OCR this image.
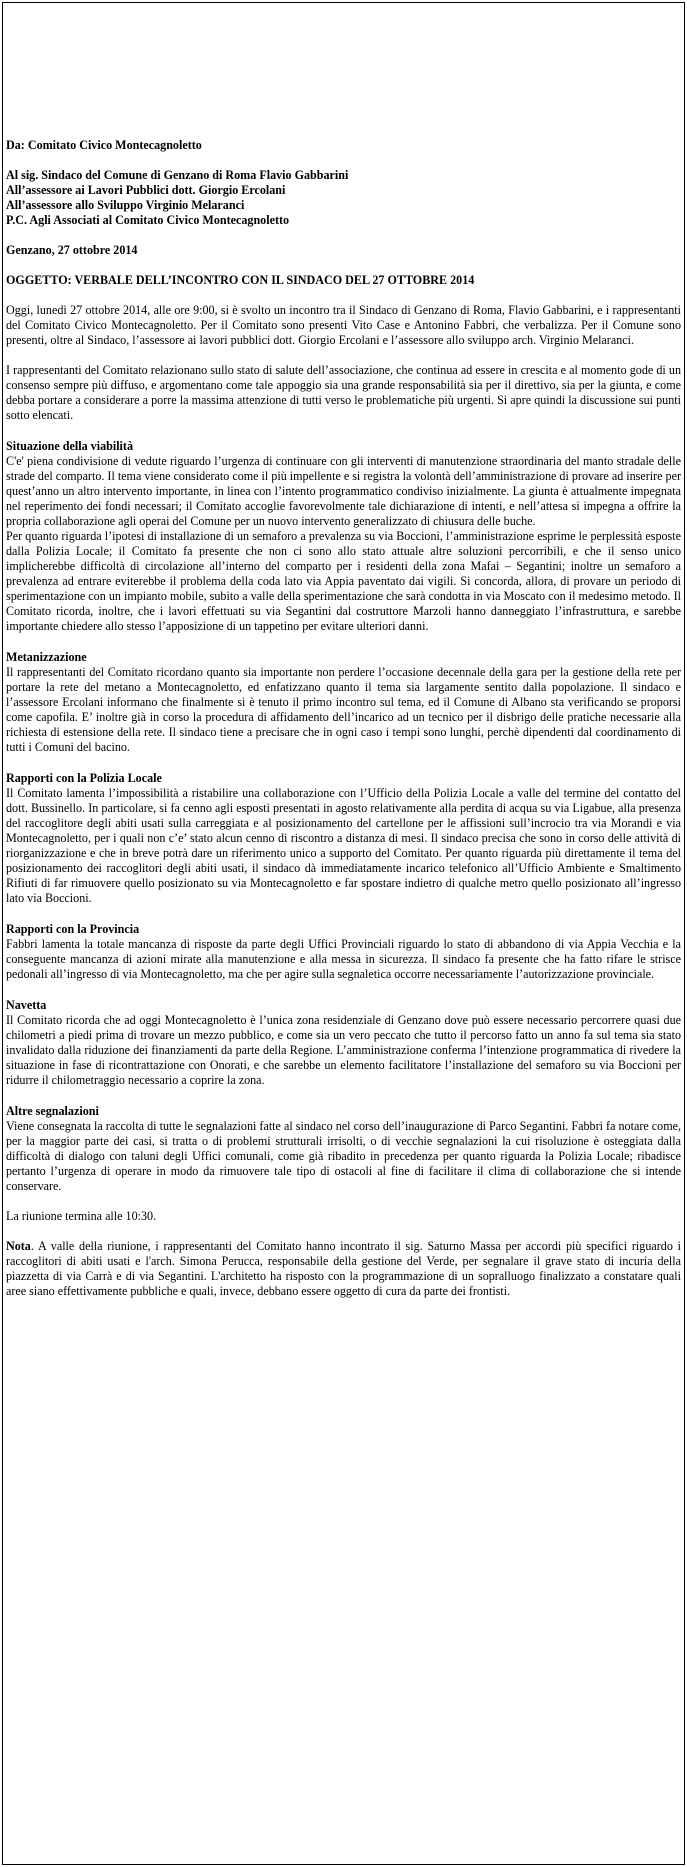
Da: Comitato Civico Montecagnoletto

Al sig. Sindaco del Comune di Genzano di Roma Flavio Gabbarini

All’assessore ai Lavori Pubblici dott. Giorgio Ercolani

All’assessore allo Sviluppo Virginio Melaranci

P.C. Agli Associati al Comitato Civico Montecagnoletto

Genzano, 27 ottobre 2014

OGGETTO: VERBALE DELL’INCONTRO CON IL SINDACO DEL 27 OTTOBRE 2014

Oggi, lunedì 27 ottobre 2014, alle ore 9:00, si è svolto un incontro tra il Sindaco di Genzano di Roma, Flavio Gabbarini, e i rappresentanti del Comitato Civico Montecagnoletto. Per il Comitato sono presenti Vito Case e Antonino Fabbri, che verbalizza. Per il Comune sono presenti, oltre al Sindaco, l’assessore ai lavori pubblici dott. Giorgio Ercolani e l’assessore allo sviluppo arch. Virginio Melaranci.

I rappresentanti del Comitato relazionano sullo stato di salute dell’associazione, che continua ad essere in crescita e al momento gode di un consenso sempre più diffuso, e argomentano come tale appoggio sia una grande responsabilità sia per il direttivo, sia per la giunta, e come debba portare a considerare a porre la massima attenzione di tutti verso le problematiche più urgenti. Si apre quindi la discussione sui punti sotto elencati.

Situazione della viabilità

C'e' piena condivisione di vedute riguardo l’urgenza di continuare con gli interventi di manutenzione straordinaria del manto stradale delle strade del comparto. Il tema viene considerato come il più impellente e si registra la volontà dell’amministrazione di provare ad inserire per quest’anno un altro intervento importante, in linea con l’intento programmatico condiviso inizialmente. La giunta è attualmente impegnata nel reperimento dei fondi necessari; il Comitato accoglie favorevolmente tale dichiarazione di intenti, e nell’attesa si impegna a offrire la propria collaborazione agli operai del Comune per un nuovo intervento generalizzato di chiusura delle buche.

Per quanto riguarda l’ipotesi di installazione di un semaforo a prevalenza su via Boccioni, l’amministrazione esprime le perplessità esposte dalla Polizia Locale; il Comitato fa presente che non ci sono allo stato attuale altre soluzioni percorribili, e che il senso unico implicherebbe difficoltà di circolazione all’interno del comparto per i residenti della zona Mafai – Segantini; inoltre un semaforo a prevalenza ad entrare eviterebbe il problema della coda lato via Appia paventato dai vigili. Si concorda, allora, di provare un periodo di sperimentazione con un impianto mobile, subito a valle della sperimentazione che sarà condotta in via Moscato con il medesimo metodo. Il Comitato ricorda, inoltre, che i lavori effettuati su via Segantini dal costruttore Marzoli hanno danneggiato l’infrastruttura, e sarebbe importante chiedere allo stesso l’apposizione di un tappetino per evitare ulteriori danni.

Metanizzazione

Il rappresentanti del Comitato ricordano quanto sia importante non perdere l’occasione decennale della gara per la gestione della rete per portare la rete del metano a Montecagnoletto, ed enfatizzano quanto il tema sia largamente sentito dalla popolazione. Il sindaco e l’assessore Ercolani informano che finalmente si è tenuto il primo incontro sul tema, ed il Comune di Albano sta verificando se proporsi come capofila. E’ inoltre già in corso la procedura di affidamento dell’incarico ad un tecnico per il disbrigo delle pratiche necessarie alla richiesta di estensione della rete. Il sindaco tiene a precisare che in ogni caso i tempi sono lunghi, perchè dipendenti dal coordinamento di tutti i Comuni del bacino.

Rapporti con la Polizia Locale

Il Comitato lamenta l’impossibilità a ristabilire una collaborazione con l’Ufficio della Polizia Locale a valle del termine del contatto del dott. Bussinello. In particolare, si fa cenno agli esposti presentati in agosto relativamente alla perdita di acqua su via Ligabue, alla presenza del raccoglitore degli abiti usati sulla carreggiata e al posizionamento del cartellone per le affissioni sull’incrocio tra via Morandi e via Montecagnoletto, per i quali non c’e’ stato alcun cenno di riscontro a distanza di mesi. Il sindaco precisa che sono in corso delle attività di riorganizzazione e che in breve potrà dare un riferimento unico a supporto del Comitato. Per quanto riguarda più direttamente il tema del posizionamento dei raccoglitori degli abiti usati, il sindaco dà immediatamente incarico telefonico all’Ufficio Ambiente e Smaltimento Rifiuti di far rimuovere quello posizionato su via Montecagnoletto e far spostare indietro di qualche metro quello posizionato all’ingresso lato via Boccioni.

Rapporti con la Provincia

Fabbri lamenta la totale mancanza di risposte da parte degli Uffici Provinciali riguardo lo stato di abbandono di via Appia Vecchia e la conseguente mancanza di azioni mirate alla manutenzione e alla messa in sicurezza. Il sindaco fa presente che ha fatto rifare le strisce pedonali all’ingresso di via Montecagnoletto, ma che per agire sulla segnaletica occorre necessariamente l’autorizzazione provinciale.

Navetta

Il Comitato ricorda che ad oggi Montecagnoletto è l’unica zona residenziale di Genzano dove può essere necessario percorrere quasi due chilometri a piedi prima di trovare un mezzo pubblico, e come sia un vero peccato che tutto il percorso fatto un anno fa sul tema sia stato invalidato dalla riduzione dei finanziamenti da parte della Regione. L’amministrazione conferma l’intenzione programmatica di rivedere la situazione in fase di ricontrattazione con Onorati, e che sarebbe un elemento facilitatore l’installazione del semaforo su via Boccioni per ridurre il chilometraggio necessario a coprire la zona.

Altre segnalazioni

Viene consegnata la raccolta di tutte le segnalazioni fatte al sindaco nel corso dell’inaugurazione di Parco Segantini. Fabbri fa notare come, per la maggior parte dei casi, si tratta o di problemi strutturali irrisolti, o di vecchie segnalazioni la cui risoluzione è osteggiata dalla difficoltà di dialogo con taluni degli Uffici comunali, come già ribadito in precedenza per quanto riguarda la Polizia Locale; ribadisce pertanto l’urgenza di operare in modo da rimuovere tale tipo di ostacoli al fine di facilitare il clima di collaborazione che si intende conservare.

La riunione termina alle 10:30.

Nota. A valle della riunione, i rappresentanti del Comitato hanno incontrato il sig. Saturno Massa per accordi più specifici riguardo i raccoglitori di abiti usati e l'arch. Simona Perucca, responsabile della gestione del Verde, per segnalare il grave stato di incuria della piazzetta di via Carrà e di via Segantini. L'architetto ha risposto con la programmazione di un sopralluogo finalizzato a constatare quali aree siano effettivamente pubbliche e quali, invece, debbano essere oggetto di cura da parte dei frontisti.
